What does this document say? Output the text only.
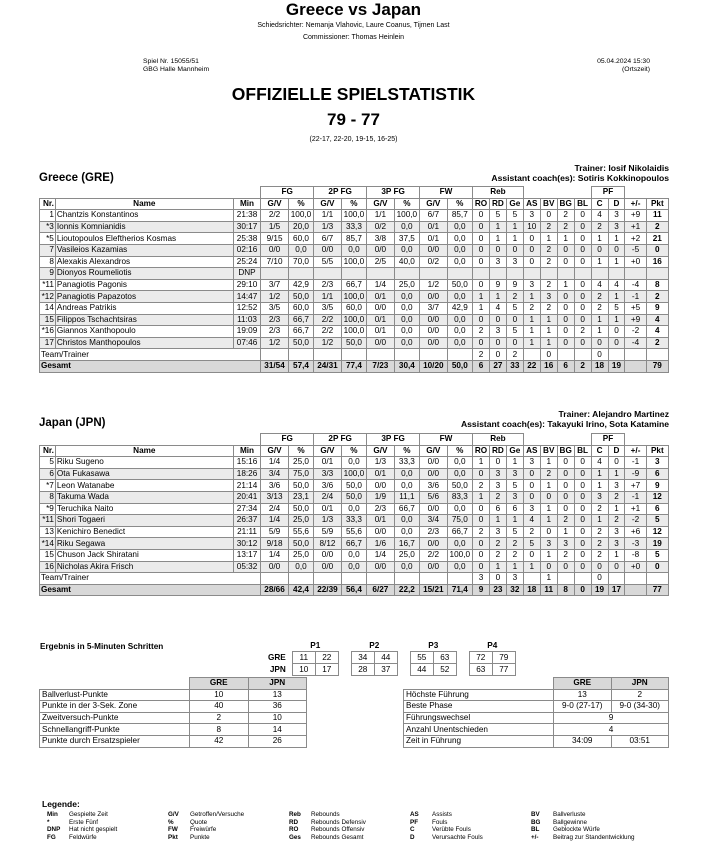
Greece vs Japan
Schiedsrichter: Nemanja Vlahovic, Laure Coanus, Tijmen Last
Commissioner: Thomas Heinlein
Spiel Nr. 15055/51
GBG Halle Mannheim
05.04.2024 15:30
(Ortszeit)
OFFIZIELLE SPIELSTATISTIK
79 - 77
(22-17, 22-20, 19-15, 16-25)
Greece (GRE)
Trainer: Iosif Nikolaidis
Assistant coach(es): Sotiris Kokkinopoulos
			FG		2P FG		3P FG		FW		Reb							PF			
Nr.	Name	Min	G/V	%	G/V	%	G/V	%	G/V	%	RO	RD	Ge	AS	BV	BG	BL	C	D	+/-	Pkt
1	Chantzis Konstantinos	21:38	2/2	100,0	1/1	100,0	1/1	100,0	6/7	85,7	0	5	5	3	0	2	0	4	3	+9	11
*3	Ionnis Komnianidis	30:17	1/5	20,0	1/3	33,3	0/2	0,0	0/1	0,0	0	1	1	10	2	2	0	2	3	+1	2
*5	Lioutopoulos Eleftherios Kosmas	25:38	9/15	60,0	6/7	85,7	3/8	37,5	0/1	0,0	0	1	1	0	1	1	0	1	1	+2	21
7	Vasileios Kazamias	02:16	0/0	0,0	0/0	0,0	0/0	0,0	0/0	0,0	0	0	0	0	2	0	0	0	0	-5	0
8	Alexakis Alexandros	25:24	7/10	70,0	5/5	100,0	2/5	40,0	0/2	0,0	0	3	3	0	2	0	0	1	1	+0	16
9	Dionyos Roumeliotis	DNP																			
*11	Panagiotis Pagonis	29:10	3/7	42,9	2/3	66,7	1/4	25,0	1/2	50,0	0	9	9	3	2	1	0	4	4	-4	8
*12	Panagiotis Papazotos	14:47	1/2	50,0	1/1	100,0	0/1	0,0	0/0	0,0	1	1	2	1	3	0	0	2	1	-1	2
14	Andreas Patrikis	12:52	3/5	60,0	3/5	60,0	0/0	0,0	3/7	42,9	1	4	5	2	2	0	0	2	5	+5	9
15	Filippos Tschachtsiras	11:03	2/3	66,7	2/2	100,0	0/1	0,0	0/0	0,0	0	0	0	1	1	0	0	1	1	+9	4
*16	Giannos Xanthopoulo	19:09	2/3	66,7	2/2	100,0	0/1	0,0	0/0	0,0	2	3	5	1	1	0	2	1	0	-2	4
17	Christos Manthopoulos	07:46	1/2	50,0	1/2	50,0	0/0	0,0	0/0	0,0	0	0	0	1	1	0	0	0	0	-4	2
Team/Trainer											2	0	2		0			0			
Gesamt			31/54	57,4	24/31	77,4	7/23	30,4	10/20	50,0	6	27	33	22	16	6	2	18	19		79
Japan (JPN)
Trainer: Alejandro Martinez
Assistant coach(es): Takayuki Irino, Sota Katamine
			FG		2P FG		3P FG		FW		Reb							PF			
Nr.	Name	Min	G/V	%	G/V	%	G/V	%	G/V	%	RO	RD	Ge	AS	BV	BG	BL	C	D	+/-	Pkt
5	Riku Sugeno	15:16	1/4	25,0	0/1	0,0	1/3	33,3	0/0	0,0	1	0	1	3	1	0	0	4	0	-1	3
6	Ota Fukasawa	18:26	3/4	75,0	3/3	100,0	0/1	0,0	0/0	0,0	0	3	3	0	2	0	0	1	1	-9	6
*7	Leon Watanabe	21:14	3/6	50,0	3/6	50,0	0/0	0,0	3/6	50,0	2	3	5	0	1	0	0	1	3	+7	9
8	Takuma Wada	20:41	3/13	23,1	2/4	50,0	1/9	11,1	5/6	83,3	1	2	3	0	0	0	0	3	2	-1	12
*9	Teruchika Naito	27:34	2/4	50,0	0/1	0,0	2/3	66,7	0/0	0,0	0	6	6	3	1	0	0	2	1	+1	6
*11	Shori Togaeri	26:37	1/4	25,0	1/3	33,3	0/1	0,0	3/4	75,0	0	1	1	4	1	2	0	1	2	-2	5
13	Kenichiro Benedict	21:11	5/9	55,6	5/9	55,6	0/0	0,0	2/3	66,7	2	3	5	2	0	1	0	2	3	+6	12
*14	Riku Segawa	30:12	9/18	50,0	8/12	66,7	1/6	16,7	0/0	0,0	0	2	2	5	3	3	0	2	3	-3	19
15	Chuson Jack Shiratani	13:17	1/4	25,0	0/0	0,0	1/4	25,0	2/2	100,0	0	2	2	0	1	2	0	2	1	-8	5
16	Nicholas Akira Frisch	05:32	0/0	0,0	0/0	0,0	0/0	0,0	0/0	0,0	0	1	1	1	0	0	0	0	0	+0	0
Team/Trainer											3	0	3		1			0			
Gesamt			28/66	42,4	22/39	56,4	6/27	22,2	15/21	71,4	9	23	32	18	11	8	0	19	17		77
Ergebnis in 5-Minuten Schritten
		P1			P2			P3			P4	
GRE	11	22		34	44		55	63		72	79
JPN	10	17		28	37		44	52		63	77
	GRE	JPN
Ballverlust-Punkte	10	13
Punkte in der 3-Sek. Zone	40	36
Zweitversuch-Punkte	2	10
Schnellangriff-Punkte	8	14
Punkte durch Ersatzspieler	42	26
	GRE	JPN
Höchste Führung	13	2
Beste Phase	9-0 (27-17)	9-0 (34-30)
Führungswechsel	9	
Anzahl Unentschieden	4	
Zeit in Führung	34:09	03:51
Legende:
Min Gespielte Zeit
*	Erste Fünf
DNP Hat nicht gespielt
FG Feldwürfe
G/V Getroffen/Versuche
%	Quote
FW Freiwürfe
Pkt Punkte
Reb Rebounds
RD Rebounds Defensiv
RO Rebounds Offensiv
Ges Rebounds Gesamt
AS Assists
PF Fouls
C	Verübte Fouls
D	Verursachte Fouls
BV Ballverluste
BG Ballgewinne
BL Geblockte Würfe
+/- Beitrag zur Standentwicklung
